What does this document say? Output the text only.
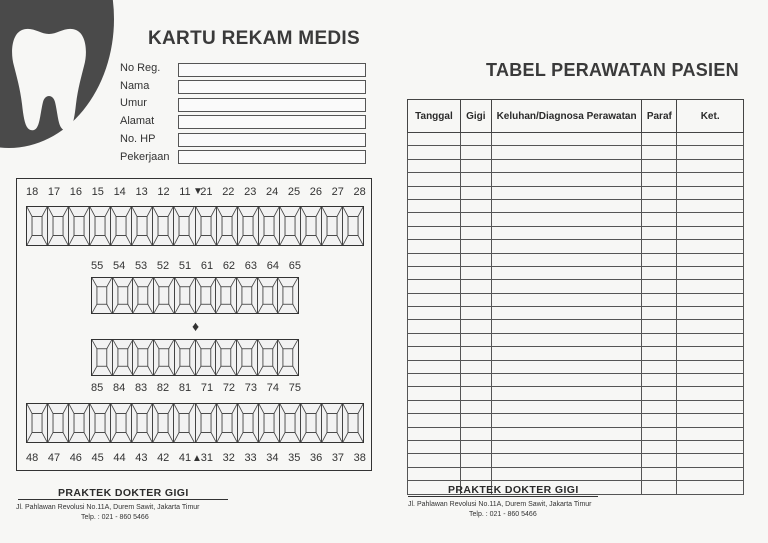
KARTU REKAM MEDIS
No Reg.
Nama
Umur
Alamat
No. HP
Pekerjaan
18 17 16 15 14 13 12 11 21 22 23 24 25 26 27 28
▼
55 54 53 52 51 61 62 63 64 65
♦
85 84 83 82 81 71 72 73 74 75
48 47 46 45 44 43 42 41 31 32 33 34 35 36 37 38
▲
PRAKTEK DOKTER GIGI
Jl. Pahlawan Revolusi No.11A, Durem Sawit, Jakarta Timur
Telp. : 021 - 860 5466
TABEL PERAWATAN PASIEN
Tanggal	Gigi	Keluhan/Diagnosa Perawatan	Paraf	Ket.

PRAKTEK DOKTER GIGI
Jl. Pahlawan Revolusi No.11A, Durem Sawit, Jakarta Timur
Telp. : 021 - 860 5466
